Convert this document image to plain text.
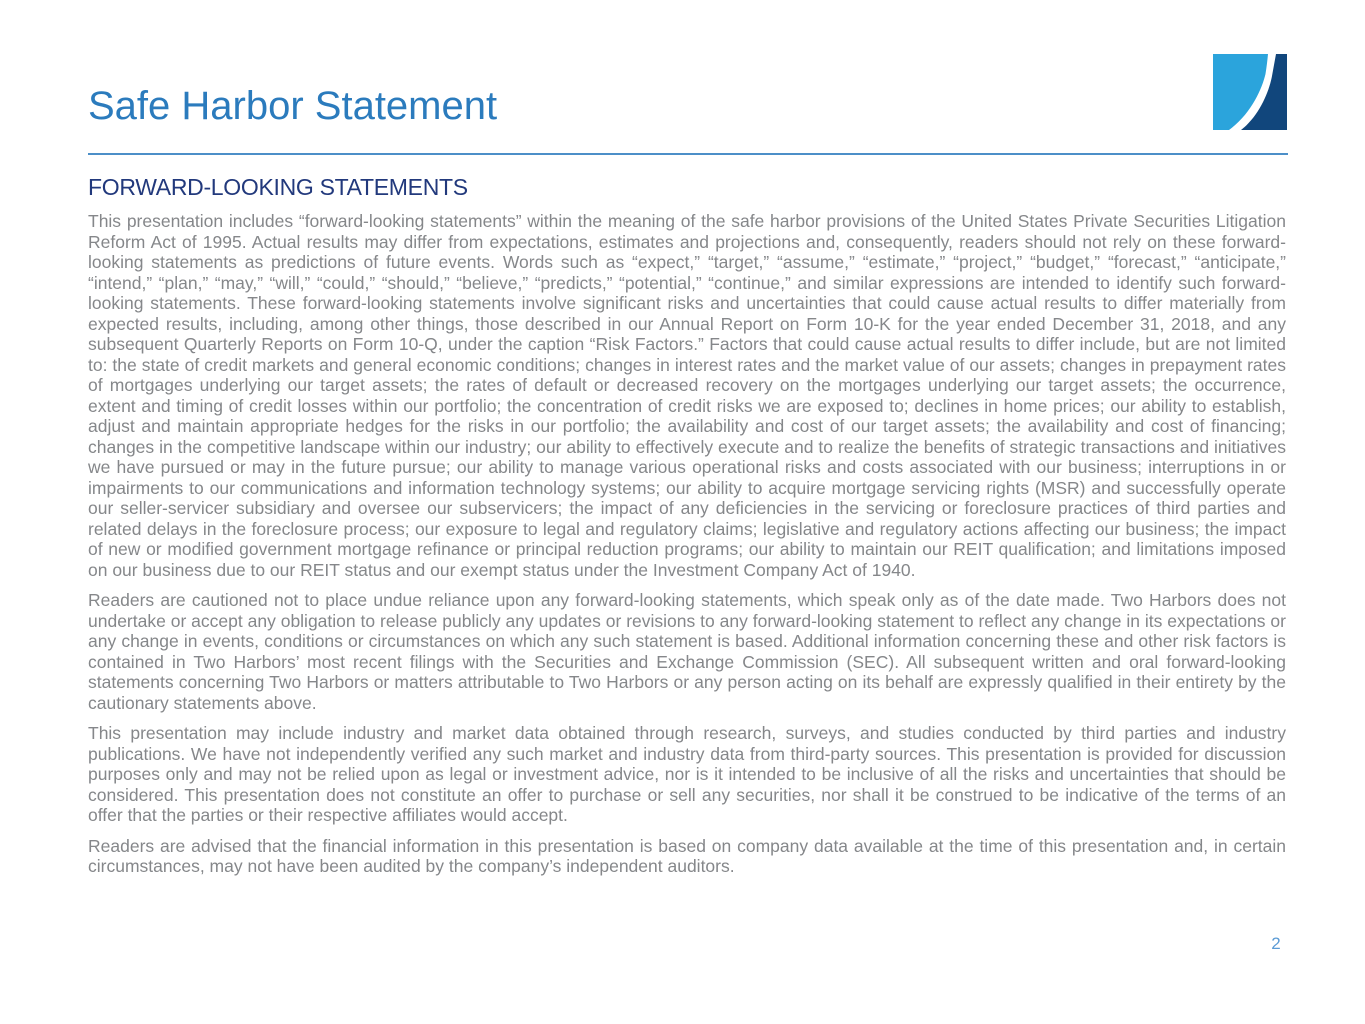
Safe Harbor Statement
FORWARD-LOOKING STATEMENTS

This presentation includes “forward-looking statements” within the meaning of the safe harbor provisions of the United States Private Securities Litigation Reform Act of 1995. Actual results may differ from expectations, estimates and projections and, consequently, readers should not rely on these forward-looking statements as predictions of future events. Words such as “expect,” “target,” “assume,” “estimate,” “project,” “budget,” “forecast,” “anticipate,” “intend,” “plan,” “may,” “will,” “could,” “should,” “believe,” “predicts,” “potential,” “continue,” and similar expressions are intended to identify such forward-looking statements. These forward-looking statements involve significant risks and uncertainties that could cause actual results to differ materially from expected results, including, among other things, those described in our Annual Report on Form 10-K for the year ended December 31, 2018, and any subsequent Quarterly Reports on Form 10-Q, under the caption “Risk Factors.” Factors that could cause actual results to differ include, but are not limited to: the state of credit markets and general economic conditions; changes in interest rates and the market value of our assets; changes in prepayment rates of mortgages underlying our target assets; the rates of default or decreased recovery on the mortgages underlying our target assets; the occurrence, extent and timing of credit losses within our portfolio; the concentration of credit risks we are exposed to; declines in home prices; our ability to establish, adjust and maintain appropriate hedges for the risks in our portfolio; the availability and cost of our target assets; the availability and cost of financing; changes in the competitive landscape within our industry; our ability to effectively execute and to realize the benefits of strategic transactions and initiatives we have pursued or may in the future pursue; our ability to manage various operational risks and costs associated with our business; interruptions in or impairments to our communications and information technology systems; our ability to acquire mortgage servicing rights (MSR) and successfully operate our seller-servicer subsidiary and oversee our subservicers; the impact of any deficiencies in the servicing or foreclosure practices of third parties and related delays in the foreclosure process; our exposure to legal and regulatory claims; legislative and regulatory actions affecting our business; the impact of new or modified government mortgage refinance or principal reduction programs; our ability to maintain our REIT qualification; and limitations imposed on our business due to our REIT status and our exempt status under the Investment Company Act of 1940.

Readers are cautioned not to place undue reliance upon any forward-looking statements, which speak only as of the date made. Two Harbors does not undertake or accept any obligation to release publicly any updates or revisions to any forward-looking statement to reflect any change in its expectations or any change in events, conditions or circumstances on which any such statement is based. Additional information concerning these and other risk factors is contained in Two Harbors’ most recent filings with the Securities and Exchange Commission (SEC). All subsequent written and oral forward-looking statements concerning Two Harbors or matters attributable to Two Harbors or any person acting on its behalf are expressly qualified in their entirety by the cautionary statements above.

This presentation may include industry and market data obtained through research, surveys, and studies conducted by third parties and industry publications. We have not independently verified any such market and industry data from third-party sources. This presentation is provided for discussion purposes only and may not be relied upon as legal or investment advice, nor is it intended to be inclusive of all the risks and uncertainties that should be considered. This presentation does not constitute an offer to purchase or sell any securities, nor shall it be construed to be indicative of the terms of an offer that the parties or their respective affiliates would accept.

Readers are advised that the financial information in this presentation is based on company data available at the time of this presentation and, in certain circumstances, may not have been audited by the company’s independent auditors.

2
